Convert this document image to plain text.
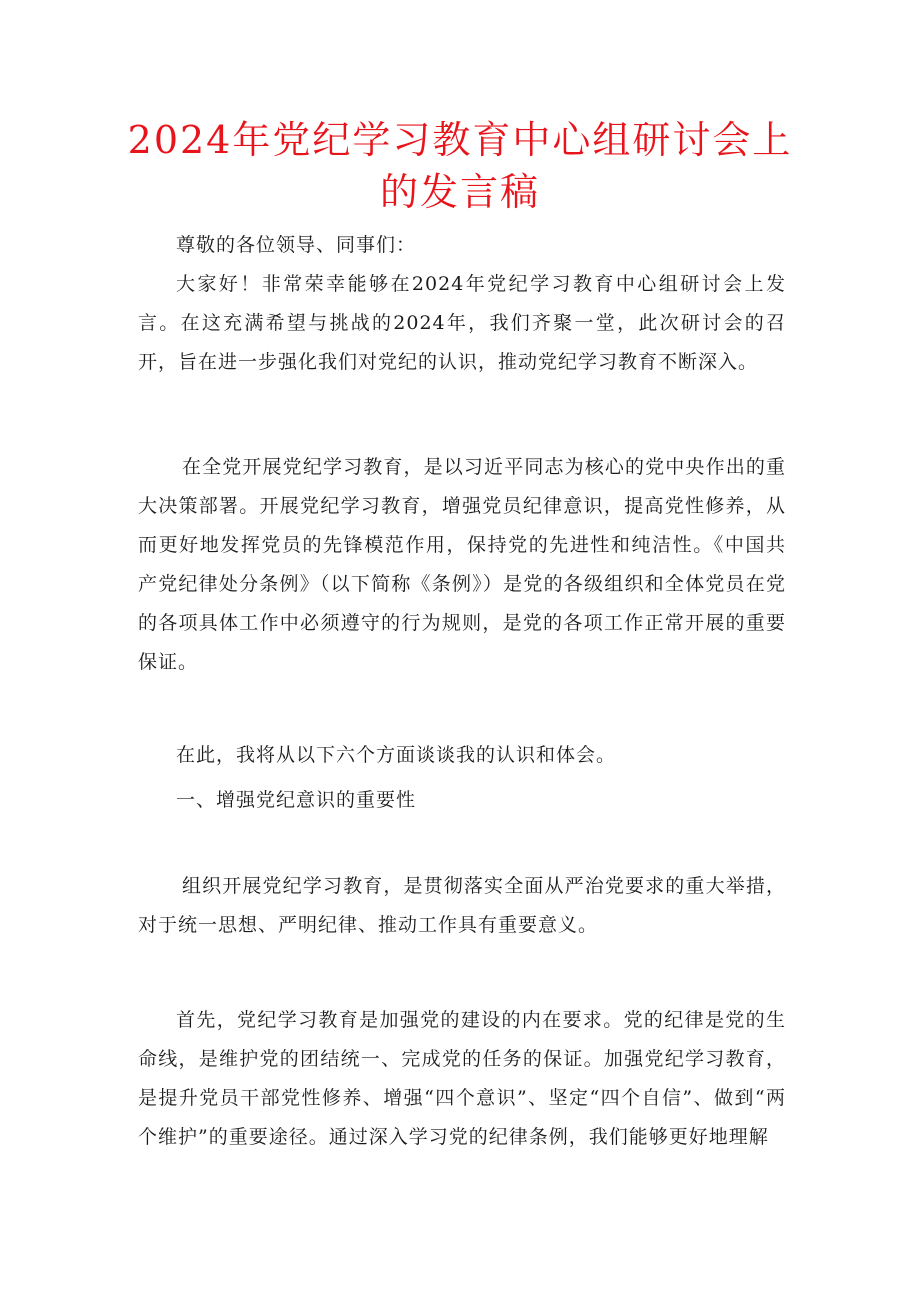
2024年党纪学习教育中心组研讨会上的发言稿

尊敬的各位领导、同事们：

大家好！非常荣幸能够在2024年党纪学习教育中心组研讨会上发言。在这充满希望与挑战的2024年，我们齐聚一堂，此次研讨会的召开，旨在进一步强化我们对党纪的认识，推动党纪学习教育不断深入。

在全党开展党纪学习教育，是以习近平同志为核心的党中央作出的重大决策部署。开展党纪学习教育，增强党员纪律意识，提高党性修养，从而更好地发挥党员的先锋模范作用，保持党的先进性和纯洁性。《中国共产党纪律处分条例》（以下简称《条例》）是党的各级组织和全体党员在党的各项具体工作中必须遵守的行为规则，是党的各项工作正常开展的重要保证。

在此，我将从以下六个方面谈谈我的认识和体会。

一、增强党纪意识的重要性

组织开展党纪学习教育，是贯彻落实全面从严治党要求的重大举措，对于统一思想、严明纪律、推动工作具有重要意义。

首先，党纪学习教育是加强党的建设的内在要求。党的纪律是党的生命线，是维护党的团结统一、完成党的任务的保证。加强党纪学习教育，是提升党员干部党性修养、增强“四个意识”、坚定“四个自信”、做到“两个维护”的重要途径。通过深入学习党的纪律条例，我们能够更好地理解
